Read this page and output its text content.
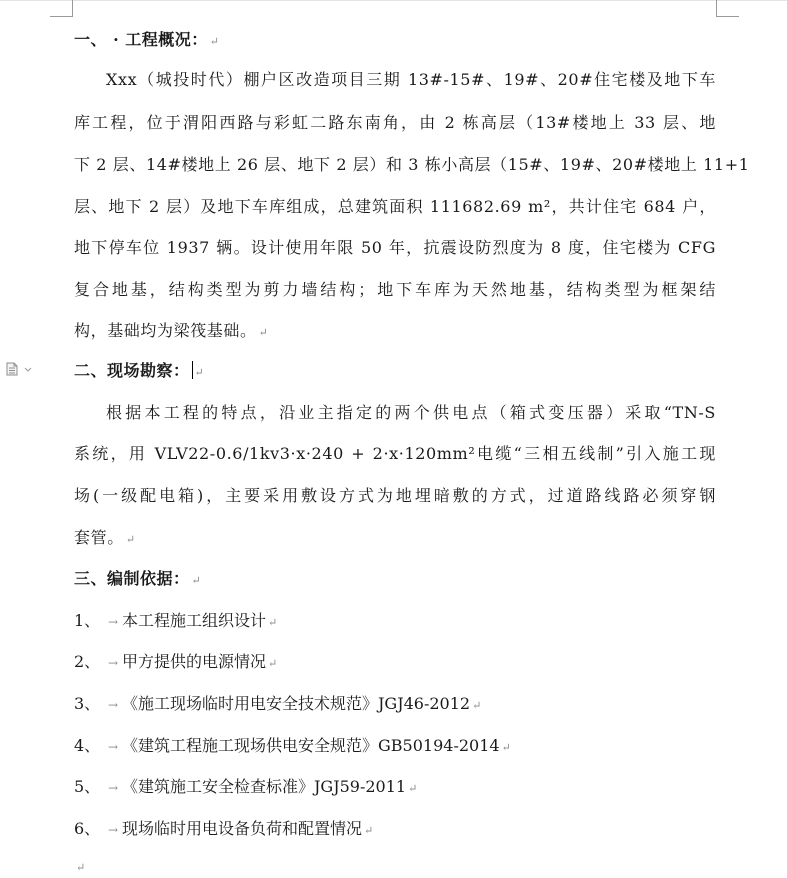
一、 · 工程概况： ↵
Xxx（城投时代）棚户区改造项目三期 13#-15#、19#、20#住宅楼及地下车
库工程，位于渭阳西路与彩虹二路东南角，由 2 栋高层（13#楼地上 33 层、地
下 2 层、14#楼地上 26 层、地下 2 层）和 3 栋小高层（15#、19#、20#楼地上 11+1
层、地下 2 层）及地下车库组成，总建筑面积 111682.69 m²，共计住宅 684 户，
地下停车位 1937 辆。设计使用年限 50 年，抗震设防烈度为 8 度，住宅楼为 CFG
复合地基，结构类型为剪力墙结构；地下车库为天然地基，结构类型为框架结
构，基础均为梁筏基础。 ↵
二、现场勘察： ↵
根据本工程的特点，沿业主指定的两个供电点（箱式变压器）采取“TN-S
系统，用 VLV22-0.6/1kv3·x·240 + 2·x·120mm²电缆“三相五线制”引入施工现
场(一级配电箱)，主要采用敷设方式为地埋暗敷的方式，过道路线路必须穿钢
套管。 ↵
三、编制依据： ↵
1、 → 本工程施工组织设计 ↵
2、 → 甲方提供的电源情况 ↵
3、 → 《施工现场临时用电安全技术规范》JGJ46-2012 ↵
4、 → 《建筑工程施工现场供电安全规范》GB50194-2014 ↵
5、 → 《建筑施工安全检查标准》JGJ59-2011 ↵
6、 → 现场临时用电设备负荷和配置情况 ↵
↵
